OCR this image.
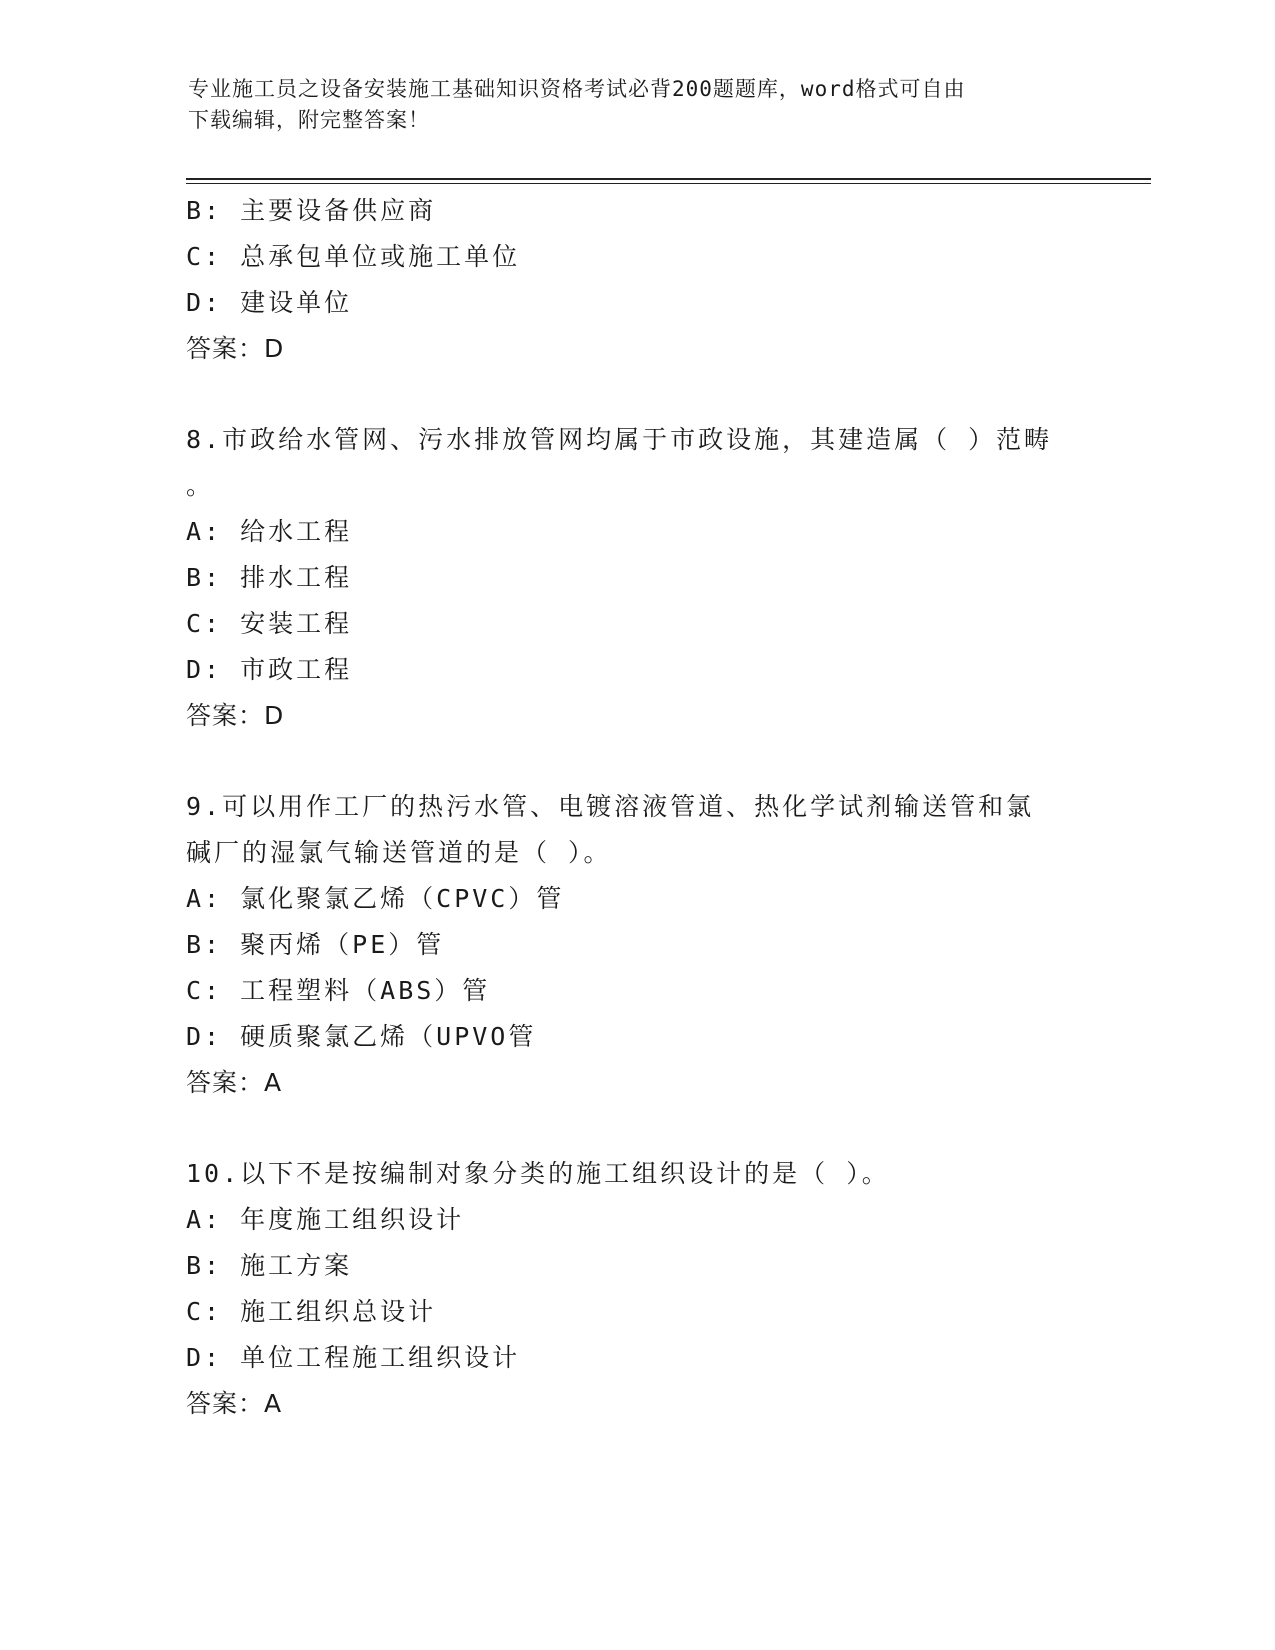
专业施工员之设备安装施工基础知识资格考试必背200题题库，word格式可自由
下载编辑，附完整答案！
B: 主要设备供应商
C: 总承包单位或施工单位
D: 建设单位
答案：D
8.市政给水管网、污水排放管网均属于市政设施，其建造属（ ）范畴
。
A: 给水工程
B: 排水工程
C: 安装工程
D: 市政工程
答案：D
9.可以用作工厂的热污水管、电镀溶液管道、热化学试剂输送管和氯
碱厂的湿氯气输送管道的是（ ）。
A: 氯化聚氯乙烯（CPVC）管
B: 聚丙烯（PE）管
C: 工程塑料（ABS）管
D: 硬质聚氯乙烯（UPVO管
答案：A
10.以下不是按编制对象分类的施工组织设计的是（ ）。
A: 年度施工组织设计
B: 施工方案
C: 施工组织总设计
D: 单位工程施工组织设计
答案：A
